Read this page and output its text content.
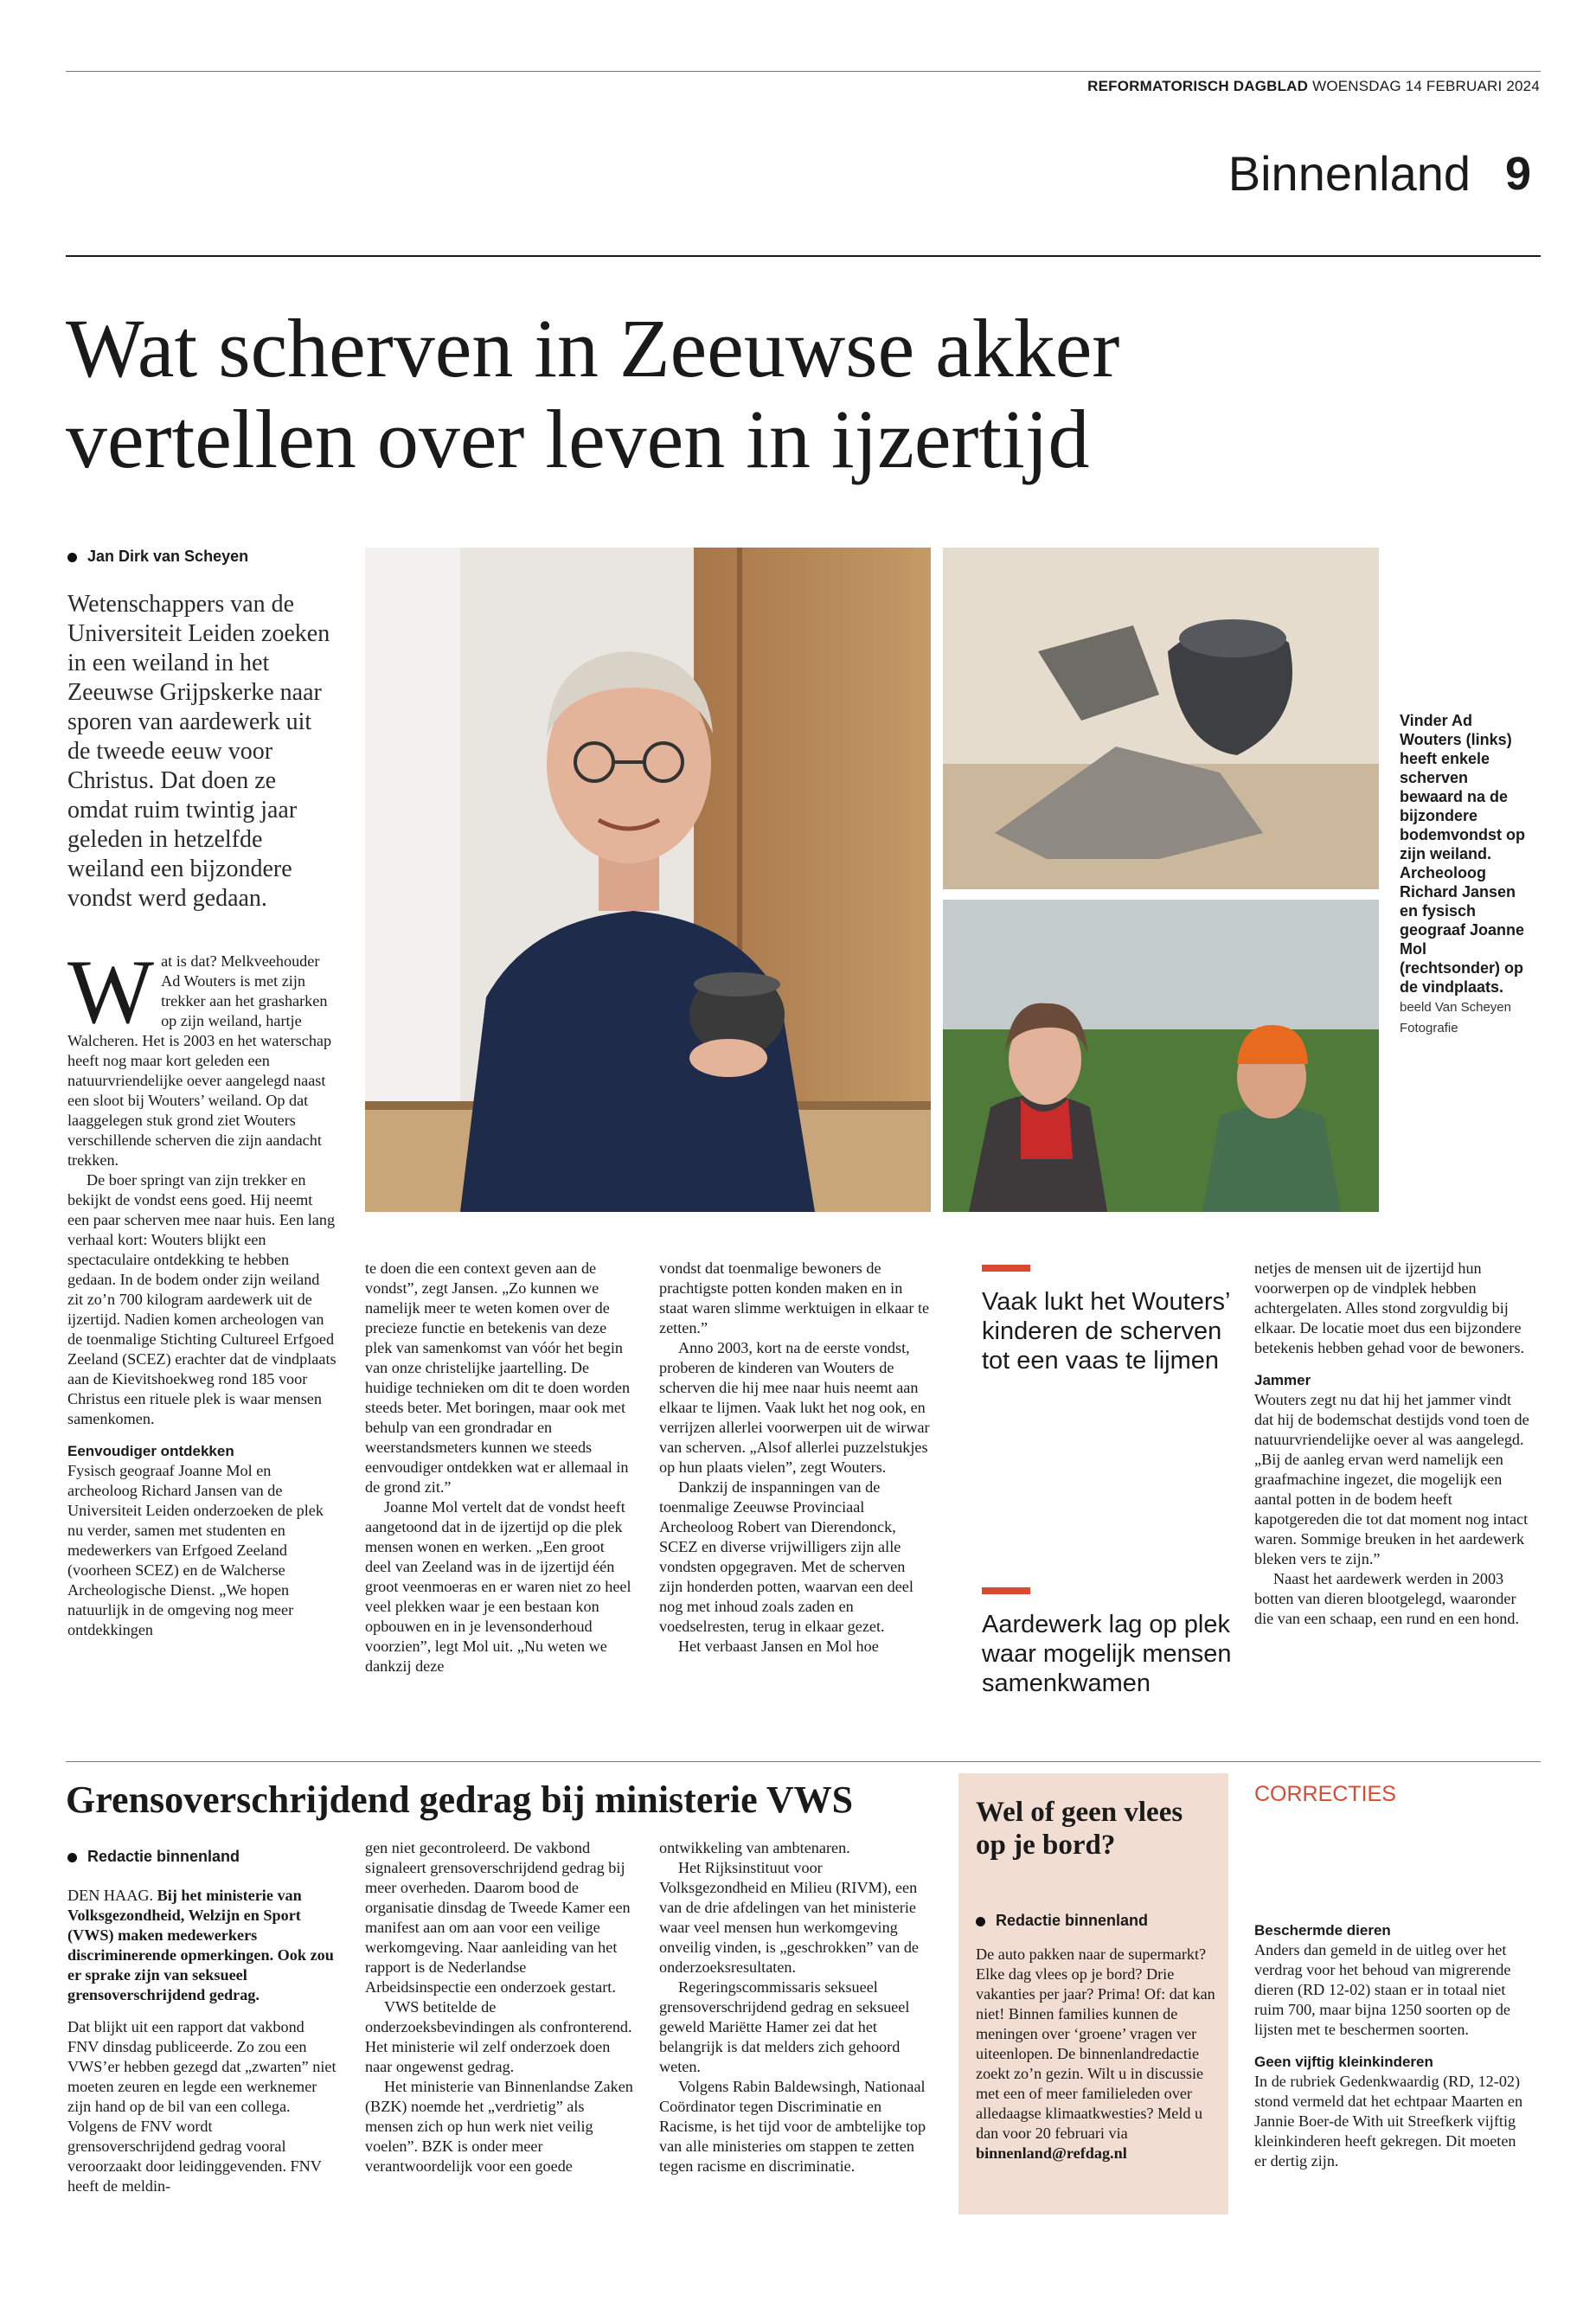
REFORMATORISCH DAGBLAD WOENSDAG 14 FEBRUARI 2024
Binnenland 9
Wat scherven in Zeeuwse akker
vertellen over leven in ijzertijd
Jan Dirk van Scheyen
Wetenschappers van de Universiteit Leiden zoeken in een weiland in het Zeeuwse Grijpskerke naar sporen van aardewerk uit de tweede eeuw voor Christus. Dat doen ze omdat ruim twintig jaar geleden in hetzelfde weiland een bijzondere vondst werd gedaan.

Wat is dat? Melkveehouder Ad Wouters is met zijn trekker aan het grasharken op zijn weiland, hartje Walcheren. Het is 2003 en het waterschap heeft nog maar kort geleden een natuurvriendelijke oever aangelegd naast een sloot bij Wouters’ weiland. Op dat laaggelegen stuk grond ziet Wouters verschillende scherven die zijn aandacht trekken.

De boer springt van zijn trekker en bekijkt de vondst eens goed. Hij neemt een paar scherven mee naar huis. Een lang verhaal kort: Wouters blijkt een spectaculaire ontdekking te hebben gedaan. In de bodem onder zijn weiland zit zo’n 700 kilogram aardewerk uit de ijzertijd. Nadien komen archeologen van de toenmalige Stichting Cultureel Erfgoed Zeeland (SCEZ) erachter dat de vindplaats aan de Kievitshoekweg rond 185 voor Christus een rituele plek is waar mensen samenkomen.

Eenvoudiger ontdekken

Fysisch geograaf Joanne Mol en archeoloog Richard Jansen van de Universiteit Leiden onderzoeken de plek nu verder, samen met studenten en medewerkers van Erfgoed Zeeland (voorheen SCEZ) en de Walcherse Archeologische Dienst. „We hopen natuurlijk in de omgeving nog meer ontdekkingen

Vinder Ad Wouters (links) heeft enkele scherven bewaard na de bijzondere bodemvondst op zijn weiland. Archeoloog Richard Jansen en fysisch geograaf Joanne Mol (rechtsonder) op de vindplaats. beeld Van Scheyen Fotografie

te doen die een context geven aan de vondst”, zegt Jansen. „Zo kunnen we namelijk meer te weten komen over de precieze functie en betekenis van deze plek van samenkomst van vóór het begin van onze christelijke jaartelling. De huidige technieken om dit te doen worden steeds beter. Met boringen, maar ook met behulp van een grondradar en weerstandsmeters kunnen we steeds eenvoudiger ontdekken wat er allemaal in de grond zit.”

Joanne Mol vertelt dat de vondst heeft aangetoond dat in de ijzertijd op die plek mensen wonen en werken. „Een groot deel van Zeeland was in de ijzertijd één groot veenmoeras en er waren niet zo heel veel plekken waar je een bestaan kon opbouwen en in je levensonderhoud voorzien”, legt Mol uit. „Nu weten we dankzij deze

vondst dat toenmalige bewoners de prachtigste potten konden maken en in staat waren slimme werktuigen in elkaar te zetten.”

Anno 2003, kort na de eerste vondst, proberen de kinderen van Wouters de scherven die hij mee naar huis neemt aan elkaar te lijmen. Vaak lukt het nog ook, en verrijzen allerlei voorwerpen uit de wirwar van scherven. „Alsof allerlei puzzelstukjes op hun plaats vielen”, zegt Wouters.

Dankzij de inspanningen van de toenmalige Zeeuwse Provinciaal Archeoloog Robert van Dierendonck, SCEZ en diverse vrijwilligers zijn alle vondsten opgegraven. Met de scherven zijn honderden potten, waarvan een deel nog met inhoud zoals zaden en voedselresten, terug in elkaar gezet.

Het verbaast Jansen en Mol hoe

Vaak lukt het Wouters’ kinderen de scherven tot een vaas te lijmen
Aardewerk lag op plek waar mogelijk mensen samenkwamen

netjes de mensen uit de ijzertijd hun voorwerpen op de vindplek hebben achtergelaten. Alles stond zorgvuldig bij elkaar. De locatie moet dus een bijzondere betekenis hebben gehad voor de bewoners.

Jammer

Wouters zegt nu dat hij het jammer vindt dat hij de bodemschat destijds vond toen de natuurvriendelijke oever al was aangelegd. „Bij de aanleg ervan werd namelijk een graafmachine ingezet, die mogelijk een aantal potten in de bodem heeft kapotgereden die tot dat moment nog intact waren. Sommige breuken in het aardewerk bleken vers te zijn.”

Naast het aardewerk werden in 2003 botten van dieren blootgelegd, waaronder die van een schaap, een rund en een hond.

Grensoverschrijdend gedrag bij ministerie VWS
Redactie binnenland

DEN HAAG. Bij het ministerie van Volksgezondheid, Welzijn en Sport (VWS) maken medewerkers discriminerende opmerkingen. Ook zou er sprake zijn van seksueel grensoverschrijdend gedrag.

Dat blijkt uit een rapport dat vakbond FNV dinsdag publiceerde. Zo zou een VWS’er hebben gezegd dat „zwarten” niet moeten zeuren en legde een werknemer zijn hand op de bil van een collega. Volgens de FNV wordt grensoverschrijdend gedrag vooral veroorzaakt door leidinggevenden. FNV heeft de meldin-

gen niet gecontroleerd. De vakbond signaleert grensoverschrijdend gedrag bij meer overheden. Daarom bood de organisatie dinsdag de Tweede Kamer een manifest aan om aan voor een veilige werkomgeving. Naar aanleiding van het rapport is de Nederlandse Arbeidsinspectie een onderzoek gestart.

VWS betitelde de onderzoeksbevindingen als confronterend. Het ministerie wil zelf onderzoek doen naar ongewenst gedrag.

Het ministerie van Binnenlandse Zaken (BZK) noemde het „verdrietig” als mensen zich op hun werk niet veilig voelen”. BZK is onder meer verantwoordelijk voor een goede

ontwikkeling van ambtenaren.

Het Rijksinstituut voor Volksgezondheid en Milieu (RIVM), een van de drie afdelingen van het ministerie waar veel mensen hun werkomgeving onveilig vinden, is „geschrokken” van de onderzoeksresultaten.

Regeringscommissaris seksueel grensoverschrijdend gedrag en seksueel geweld Mariëtte Hamer zei dat het belangrijk is dat melders zich gehoord weten.

Volgens Rabin Baldewsingh, Nationaal Coördinator tegen Discriminatie en Racisme, is het tijd voor de ambtelijke top van alle ministeries om stappen te zetten tegen racisme en discriminatie.

Wel of geen vlees op je bord?
Redactie binnenland
De auto pakken naar de supermarkt? Elke dag vlees op je bord? Drie vakanties per jaar? Prima! Of: dat kan niet! Binnen families kunnen de meningen over ‘groene’ vragen ver uiteenlopen. De binnenlandredactie zoekt zo’n gezin. Wilt u in discussie met een of meer familieleden over alledaagse klimaatkwesties? Meld u dan voor 20 februari via binnenland@refdag.nl
CORRECTIES
Beschermde dieren

Anders dan gemeld in de uitleg over het verdrag voor het behoud van migrerende dieren (RD 12-02) staan er in totaal niet ruim 700, maar bijna 1250 soorten op de lijsten met te beschermen soorten.

Geen vijftig kleinkinderen

In de rubriek Gedenkwaardig (RD, 12-02) stond vermeld dat het echtpaar Maarten en Jannie Boer-de With uit Streefkerk vijftig kleinkinderen heeft gekregen. Dit moeten er dertig zijn.
